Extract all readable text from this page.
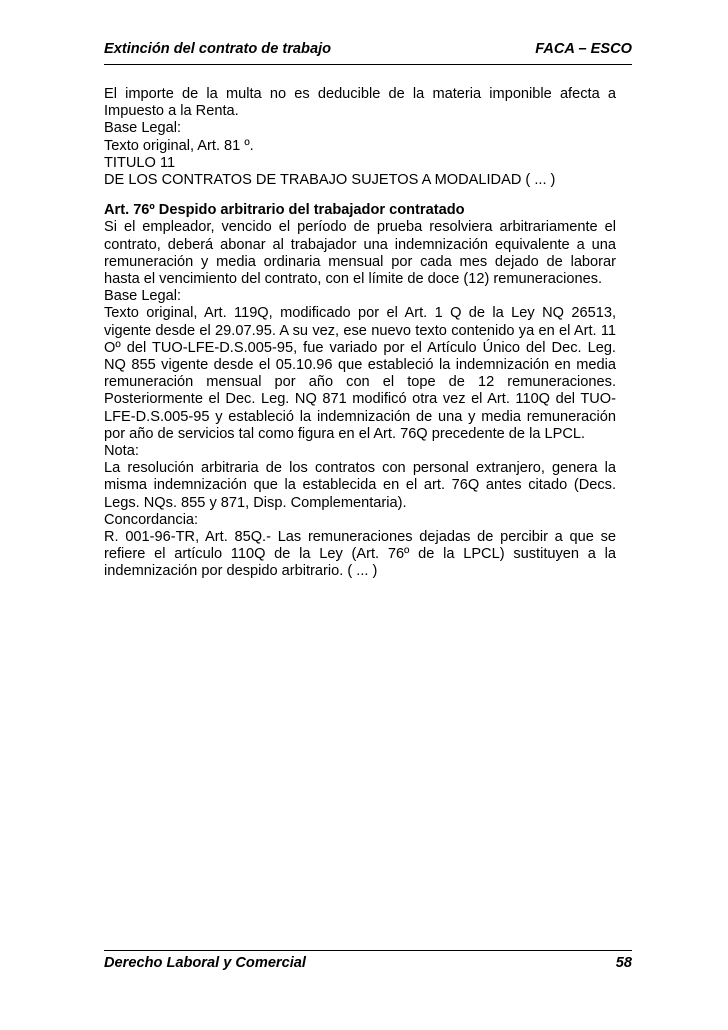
Extinción del contrato de trabajo	FACA – ESCO

El importe de la multa no es deducible de la materia imponible afecta a Impuesto a la Renta.

Base Legal:

Texto original, Art. 81 º.

TITULO 11

DE LOS CONTRATOS DE TRABAJO SUJETOS A MODALIDAD ( ... )

Art. 76º Despido arbitrario del trabajador contratado

Si el empleador, vencido el período de prueba resolviera arbitrariamente el contrato, deberá abonar al trabajador una indemnización equivalente a una remuneración y media ordinaria mensual por cada mes dejado de laborar hasta el vencimiento del contrato, con el límite de doce (12) remuneraciones.

Base Legal:

Texto original, Art. 119Q, modificado por el Art. 1 Q de la Ley NQ 26513, vigente desde el 29.07.95. A su vez, ese nuevo texto contenido ya en el Art. 11 Oº del TUO-LFE-D.S.005-95, fue variado por el Artículo Único del Dec. Leg. NQ 855 vigente desde el 05.10.96 que estableció la indemnización en media remuneración mensual por año con el tope de 12 remuneraciones. Posteriormente el Dec. Leg. NQ 871 modificó otra vez el Art. 110Q del TUO-LFE-D.S.005-95 y estableció la indemnización de una y media remuneración por año de servicios tal como figura en el Art. 76Q precedente de la LPCL.

Nota:

La resolución arbitraria de los contratos con personal extranjero, genera la misma indemnización que la establecida en el art. 76Q antes citado (Decs. Legs. NQs. 855 y 871, Disp. Complementaria).

Concordancia:

R. 001-96-TR, Art. 85Q.- Las remuneraciones dejadas de percibir a que se refiere el artículo 110Q de la Ley (Art. 76º de la LPCL) sustituyen a la indemnización por despido arbitrario. ( ... )

Derecho Laboral y Comercial	58
